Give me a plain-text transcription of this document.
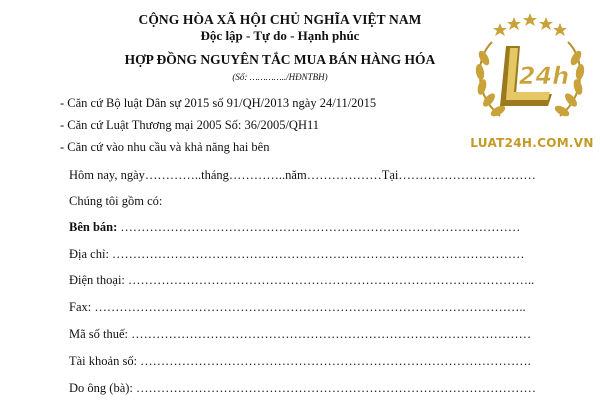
CỘNG HÒA XÃ HỘI CHỦ NGHĨA VIỆT NAM
Độc lập - Tự do - Hạnh phúc
HỢP ĐỒNG NGUYÊN TẮC MUA BÁN HÀNG HÓA
(Số: …………../HĐNTBH)
- Căn cứ Bộ luật Dân sự 2015 số 91/QH/2013 ngày 24/11/2015
- Căn cứ Luật Thương mại 2005 Số: 36/2005/QH11
- Căn cứ vào nhu cầu và khả năng hai bên
Hôm nay, ngày…………..tháng…………..năm………………Tại……………………………
Chúng tôi gồm có:
Bên bán: ……………………………………………………………………………………
Địa chỉ: ………………………………………………………………………………………
Điện thoại: ……………………………………………………………………………………..
Fax: …………………………………………………………………………………………..
Mã số thuế: ……………………………………………………………………………………
Tài khoản số: ………………………………………………………………………………….
Do ông (bà): ……………………………………………………………………………………
24h
LUAT24H.COM.VN
